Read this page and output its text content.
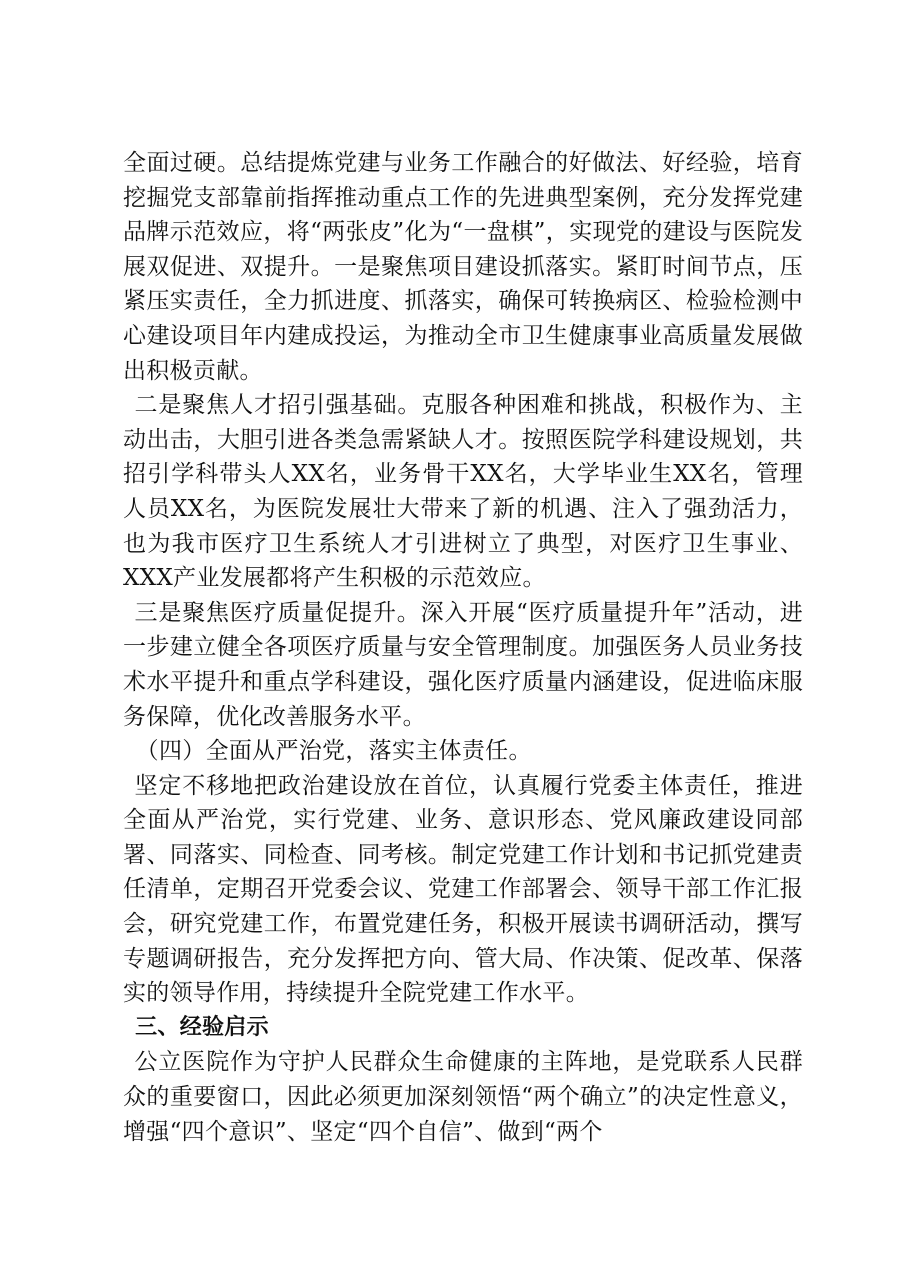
全面过硬。总结提炼党建与业务工作融合的好做法、好经验，培育挖掘党支部靠前指挥推动重点工作的先进典型案例，充分发挥党建品牌示范效应，将“两张皮”化为“一盘棋”，实现党的建设与医院发展双促进、双提升。一是聚焦项目建设抓落实。紧盯时间节点，压紧压实责任，全力抓进度、抓落实，确保可转换病区、检验检测中心建设项目年内建成投运，为推动全市卫生健康事业高质量发展做出积极贡献。

二是聚焦人才招引强基础。克服各种困难和挑战，积极作为、主动出击，大胆引进各类急需紧缺人才。按照医院学科建设规划，共招引学科带头人XX名，业务骨干XX名，大学毕业生XX名，管理人员XX名，为医院发展壮大带来了新的机遇、注入了强劲活力，也为我市医疗卫生系统人才引进树立了典型，对医疗卫生事业、XXX产业发展都将产生积极的示范效应。

三是聚焦医疗质量促提升。深入开展“医疗质量提升年”活动，进一步建立健全各项医疗质量与安全管理制度。加强医务人员业务技术水平提升和重点学科建设，强化医疗质量内涵建设，促进临床服务保障，优化改善服务水平。

（四）全面从严治党，落实主体责任。

坚定不移地把政治建设放在首位，认真履行党委主体责任，推进全面从严治党，实行党建、业务、意识形态、党风廉政建设同部署、同落实、同检查、同考核。制定党建工作计划和书记抓党建责任清单，定期召开党委会议、党建工作部署会、领导干部工作汇报会，研究党建工作，布置党建任务，积极开展读书调研活动，撰写专题调研报告，充分发挥把方向、管大局、作决策、促改革、保落实的领导作用，持续提升全院党建工作水平。

三、经验启示

公立医院作为守护人民群众生命健康的主阵地，是党联系人民群众的重要窗口，因此必须更加深刻领悟“两个确立”的决定性意义，增强“四个意识”、坚定“四个自信”、做到“两个
